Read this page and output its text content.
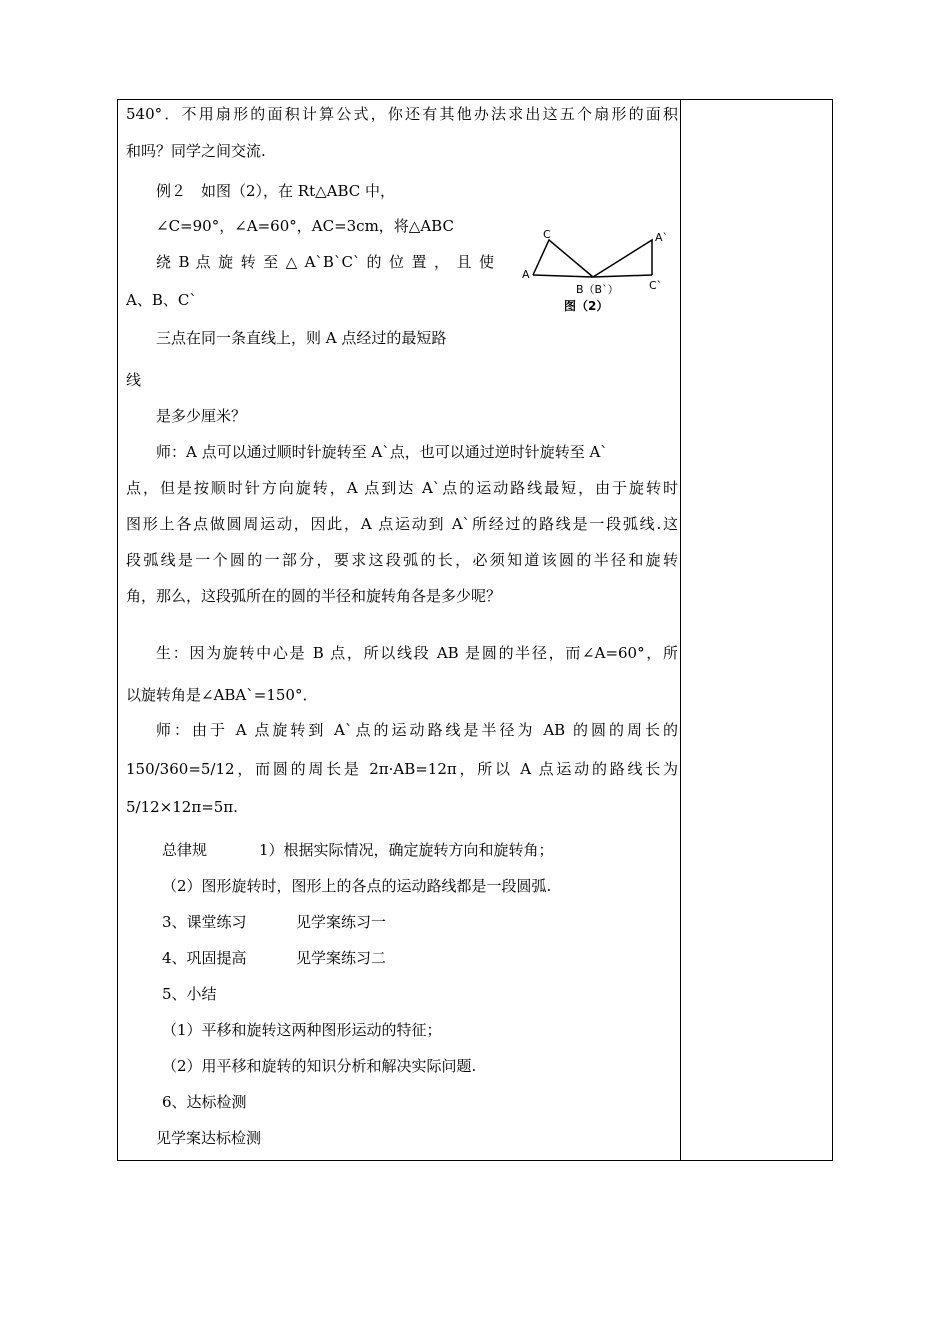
540°．不用扇形的面积计算公式，你还有其他办法求出这五个扇形的面积
和吗？同学之间交流.
例２　如图（2），在 Rt△ABC 中，
∠C=90°，∠A=60°，AC=3cm，将△ABC
绕 B 点 旋 转 至 △ A`B`C` 的 位 置 ， 且 使
A、B、C`
三点在同一条直线上，则 A 点经过的最短路
线
是多少厘米？
师：A 点可以通过顺时针旋转至 A`点，也可以通过逆时针旋转至 A`
点，但是按顺时针方向旋转，A 点到达 A`点的运动路线最短，由于旋转时
图形上各点做圆周运动，因此，A 点运动到 A`所经过的路线是一段弧线.这
段弧线是一个圆的一部分，要求这段弧的长，必须知道该圆的半径和旋转
角，那么，这段弧所在的圆的半径和旋转角各是多少呢？
生：因为旋转中心是 B 点，所以线段 AB 是圆的半径，而∠A=60°，所
以旋转角是∠ABA`=150°．
师：由于 A 点旋转到 A`点的运动路线是半径为 AB 的圆的周长的
150/360=5/12，而圆的周长是 2π·AB=12π，所以 A 点运动的路线长为
5/12×12π=5π.
总律规	1）根据实际情况，确定旋转方向和旋转角；
（2）图形旋转时，图形上的各点的运动路线都是一段圆弧.
3、课堂练习	见学案练习一
4、巩固提高	见学案练习二
5、小结
（1）平移和旋转这两种图形运动的特征；
（2）用平移和旋转的知识分析和解决实际问题.
6、达标检测
见学案达标检测
A
C
B（B`）
A`
C`
图（2）
